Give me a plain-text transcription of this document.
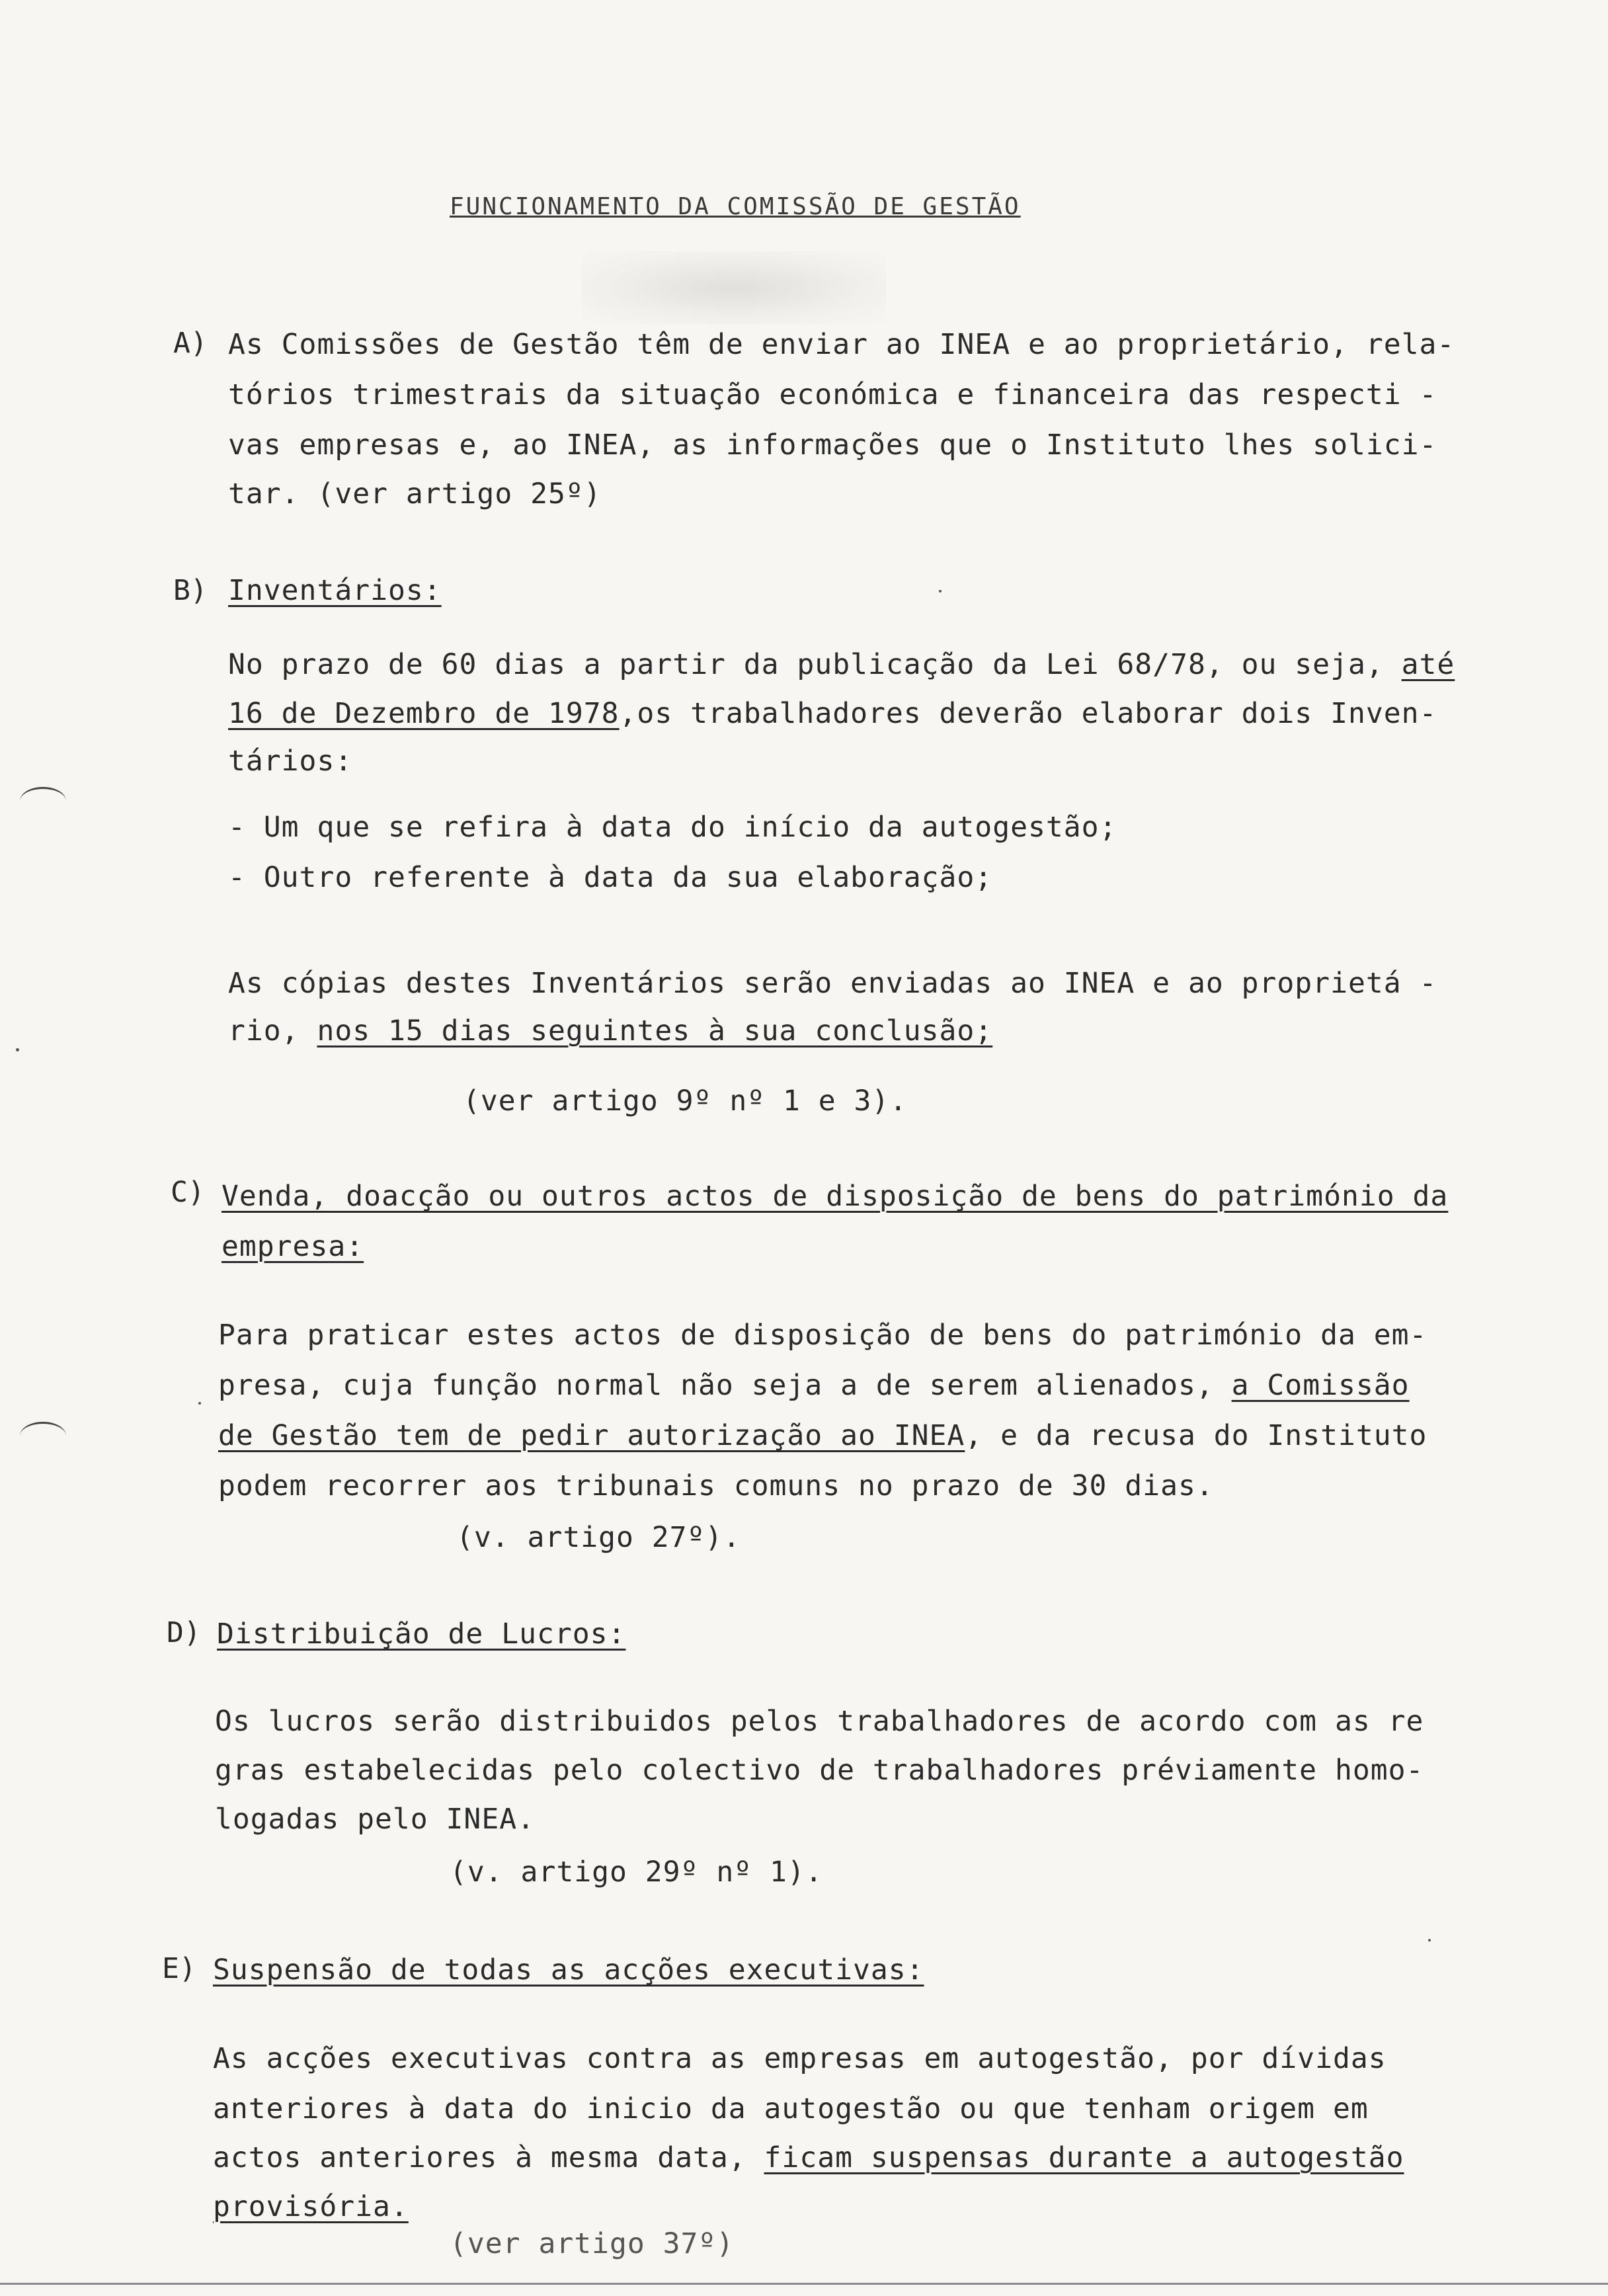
FUNCIONAMENTO DA COMISSÃO DE GESTÃO
A) As Comissões de Gestão têm de enviar ao INEA e ao proprietário, rela-
tórios trimestrais da situação económica e financeira das respecti -
vas empresas e, ao INEA, as informações que o Instituto lhes solici-
tar. (ver artigo 25º)
B) Inventários:
No prazo de 60 dias a partir da publicação da Lei 68/78, ou seja, até
16 de Dezembro de 1978,os trabalhadores deverão elaborar dois Inven-
tários:
- Um que se refira à data do início da autogestão;
- Outro referente à data da sua elaboração;
As cópias destes Inventários serão enviadas ao INEA e ao proprietá -
rio, nos 15 dias seguintes à sua conclusão;
(ver artigo 9º nº 1 e 3).
C) Venda, doacção ou outros actos de disposição de bens do património da
empresa:
Para praticar estes actos de disposição de bens do património da em-
presa, cuja função normal não seja a de serem alienados, a Comissão
de Gestão tem de pedir autorização ao INEA, e da recusa do Instituto
podem recorrer aos tribunais comuns no prazo de 30 dias.
(v. artigo 27º).
D) Distribuição de Lucros:
Os lucros serão distribuidos pelos trabalhadores de acordo com as re
gras estabelecidas pelo colectivo de trabalhadores préviamente homo-
logadas pelo INEA.
(v. artigo 29º nº 1).
E) Suspensão de todas as acções executivas:
As acções executivas contra as empresas em autogestão, por dívidas
anteriores à data do inicio da autogestão ou que tenham origem em
actos anteriores à mesma data, ficam suspensas durante a autogestão
provisória.
(ver artigo 37º)
